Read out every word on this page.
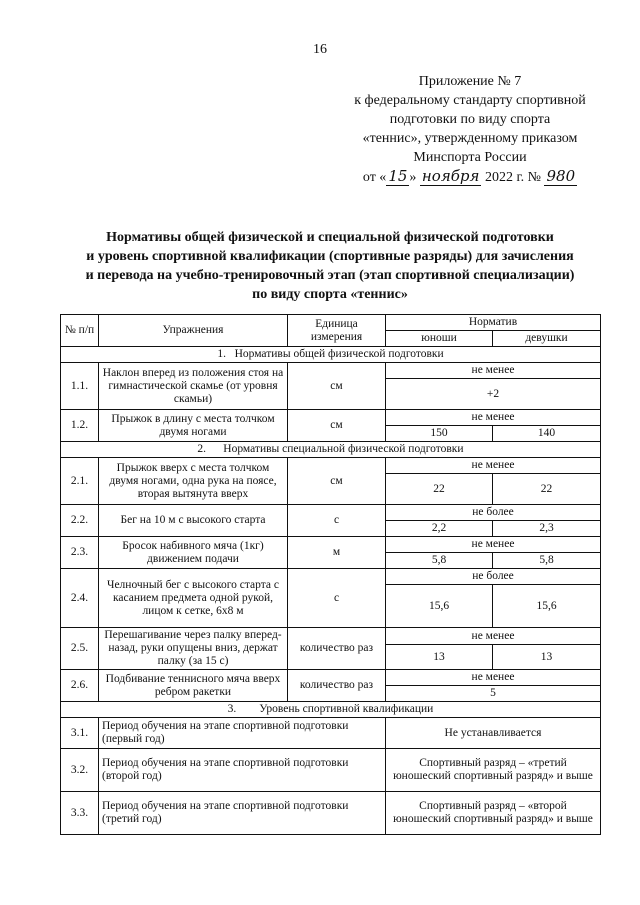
16
Приложение № 7
к федеральному стандарту спортивной
подготовки по виду спорта
«теннис», утвержденному приказом
Минспорта России
от « 15 » ноября 2022 г. № 980
Нормативы общей физической и специальной физической подготовки
и уровень спортивной квалификации (спортивные разряды) для зачисления
и перевода на учебно-тренировочный этап (этап спортивной специализации)
по виду спорта «теннис»
№ п/п	Упражнения	Единица измерения	Норматив	
			юноши	девушки
1.   Нормативы общей физической подготовки				
1.1.	Наклон вперед из положения стоя на гимнастической скамье (от уровня скамьи)	см	не менее	
			+2	
1.2.	Прыжок в длину с места толчком двумя ногами	см	не менее	
			150	140
2.      Нормативы специальной физической подготовки				
2.1.	Прыжок вверх с места толчком двумя ногами, одна рука на поясе, вторая вытянута вверх	см	не менее	
			22	22
2.2.	Бег на 10 м с высокого старта	с	не более	
			2,2	2,3
2.3.	Бросок набивного мяча (1кг) движением подачи	м	не менее	
			5,8	5,8
2.4.	Челночный бег с высокого старта с касанием предмета одной рукой, лицом к сетке, 6х8 м	с	не более	
			15,6	15,6
2.5.	Перешагивание через палку вперед-назад, руки опущены вниз, держат палку (за 15 с)	количество раз	не менее	
			13	13
2.6.	Подбивание теннисного мяча вверх ребром ракетки	количество раз	не менее	
			5	
3.        Уровень спортивной квалификации				
3.1.	Период обучения на этапе спортивной подготовки (первый год)		Не устанавливается	
3.2.	Период обучения на этапе спортивной подготовки (второй год)		Спортивный разряд – «третий юношеский спортивный разряд» и выше	
3.3.	Период обучения на этапе спортивной подготовки (третий год)		Спортивный разряд – «второй юношеский спортивный разряд» и выше	
